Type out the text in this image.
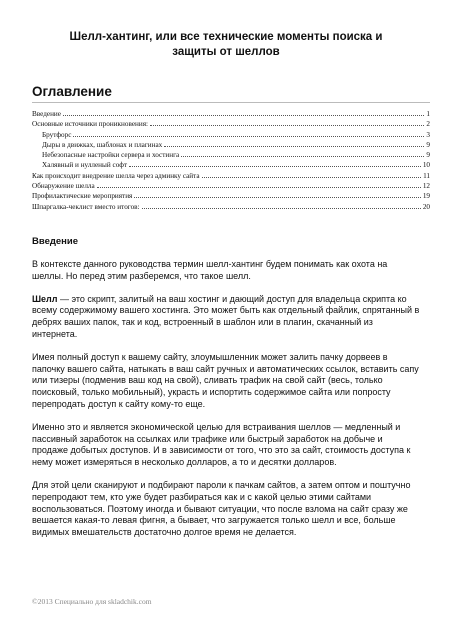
Шелл-хантинг, или все технические моменты поиска и
защиты от шеллов
Оглавление
Введение	1
Основные источники проникновения:	2
Брутфорс	3
Дыры в движках, шаблонах и плагинах	9
Небезопасные настройки сервера и хостинга	9
Халявный и нулленый софт	10
Как происходит внедрение шелла через админку сайта	11
Обнаружение шелла	12
Профилактические мероприятия	19
Шпаргалка-чеклист вместо итогов:	20
Введение

В контексте данного руководства термин шелл-хантинг будем понимать как охота на шеллы. Но перед этим разберемся, что такое шелл.

Шелл — это скрипт, залитый на ваш хостинг и дающий доступ для владельца скрипта ко всему содержимому вашего хостинга. Это может быть как отдельный файлик, спрятанный в дебрях ваших папок, так и код, встроенный в шаблон или в плагин, скачанный из интернета.

Имея полный доступ к вашему сайту, злоумышленник может залить пачку дорвеев в папочку вашего сайта, натыкать в ваш сайт ручных и автоматических ссылок, вставить сапу или тизеры (подменив ваш код на свой), сливать трафик на свой сайт (весь, только поисковый, только мобильный), украсть и испортить содержимое сайта или попросту перепродать доступ к сайту кому-то еще.

Именно это и является экономической целью для встраивания шеллов — медленный и пассивный заработок на ссылках или трафике или быстрый заработок на добыче и продаже добытых доступов. И в зависимости от того, что это за сайт, стоимость доступа к нему может измеряться в несколько долларов, а то и десятки долларов.

Для этой цели сканируют и подбирают пароли к пачкам сайтов, а затем оптом и поштучно перепродают тем, кто уже будет разбираться как и с какой целью этими сайтами воспользоваться. Поэтому иногда и бывают ситуации, что после взлома на сайт сразу же вешается какая-то левая фигня, а бывает, что загружается только шелл и все, больше видимых вмешательств достаточно долгое время не делается.

©2013 Специально для skladchik.com
